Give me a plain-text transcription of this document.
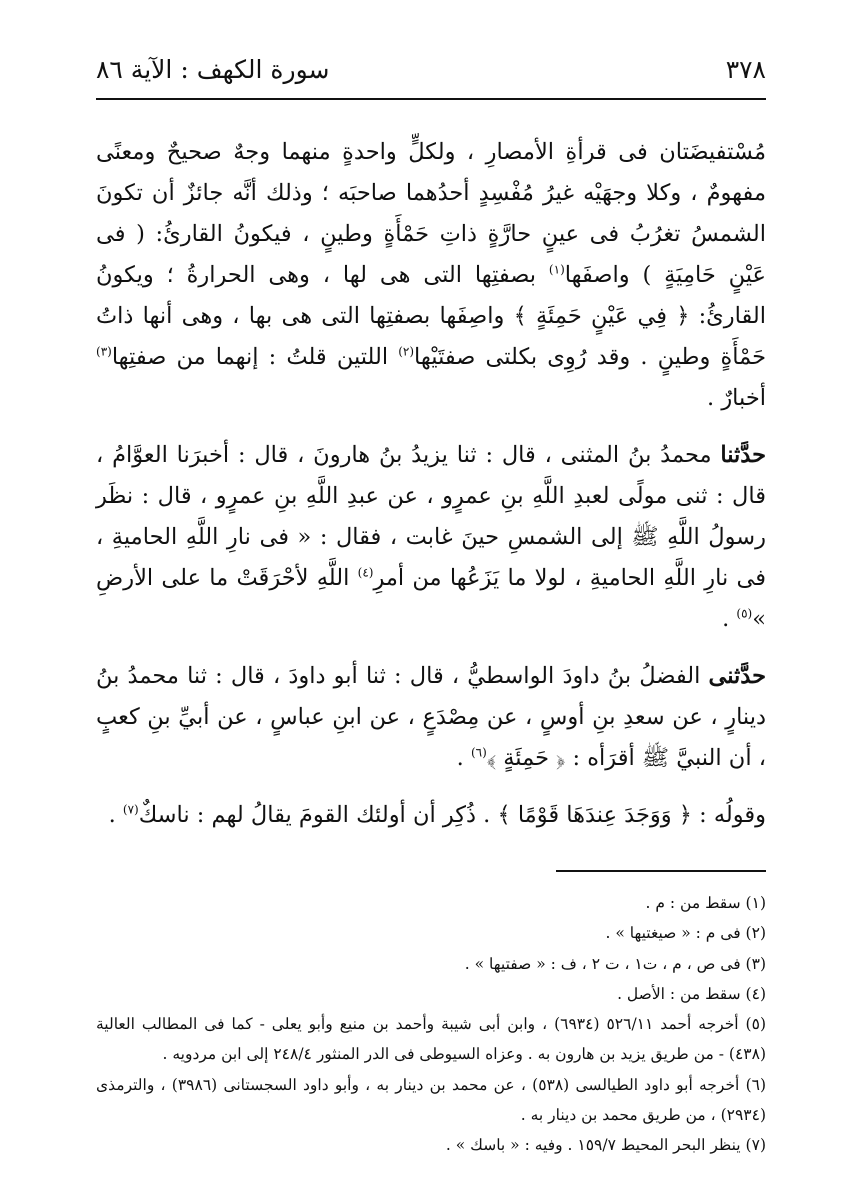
٣٧٨
سورة الكهف : الآية ٨٦

مُسْتفيضَتان فى قرأةِ الأمصارِ ، ولكلٍّ واحدةٍ منهما وجهٌ صحيحٌ ومعنًى مفهومٌ ، وكلا وجهَيْه غيرُ مُفْسِدٍ أحدُهما صاحبَه ؛ وذلك أنَّه جائزٌ أن تكونَ الشمسُ تغرُبُ فى عينٍ حارَّةٍ ذاتِ حَمْأَةٍ وطينٍ ، فيكونُ القارئُ: ( فى عَيْنٍ حَامِيَةٍ ) واصفَها$^{(١)}$ بصفتِها التى هى لها ، وهى الحرارةُ ؛ ويكونُ القارئُ: ﴿ فِي عَيْنٍ حَمِئَةٍ ﴾ واصِفَها بصفتِها التى هى بها ، وهى أنها ذاتُ حَمْأَةٍ وطينٍ . وقد رُوِى بكلتى صفتَيْها$^{(٢)}$ اللتين قلتُ : إنهما من صفتِها$^{(٣)}$ أخبارٌ .

حدَّثنا محمدُ بنُ المثنى ، قال : ثنا يزيدُ بنُ هارونَ ، قال : أخبرَنا العوَّامُ ، قال : ثنى مولًى لعبدِ اللَّهِ بنِ عمرٍو ، عن عبدِ اللَّهِ بنِ عمرٍو ، قال : نظَر رسولُ اللَّهِ ﷺ إلى الشمسِ حينَ غابت ، فقال : « فى نارِ اللَّهِ الحاميةِ ، فى نارِ اللَّهِ الحاميةِ ، لولا ما يَزَعُها من أمرِ$^{(٤)}$ اللَّهِ لأحْرَقَتْ ما على الأرضِ »$^{(٥)}$ .

حدَّثنى الفضلُ بنُ داودَ الواسطيُّ ، قال : ثنا أبو داودَ ، قال : ثنا محمدُ بنُ دينارٍ ، عن سعدِ بنِ أوسٍ ، عن مِصْدَعٍ ، عن ابنِ عباسٍ ، عن أبيِّ بنِ كعبٍ ، أن النبيَّ ﷺ أقرَأه : ﴿ حَمِئَةٍ ﴾$^{(٦)}$ .

وقولُه : ﴿ وَوَجَدَ عِندَهَا قَوْمًا ﴾ . ذُكِر أن أولئك القومَ يقالُ لهم : ناسكٌ$^{(٧)}$ .

(١) سقط من : م .

(٢) فى م : « صيغتيها » .

(٣) فى ص ، م ، ت١ ، ت ٢ ، ف : « صفتيها » .

(٤) سقط من : الأصل .

(٥) أخرجه أحمد ٥٢٦/١١ (٦٩٣٤) ، وابن أبى شيبة وأحمد بن منيع وأبو يعلى - كما فى المطالب العالية (٤٣٨) - من طريق يزيد بن هارون به . وعزاه السيوطى فى الدر المنثور ٢٤٨/٤ إلى ابن مردويه .

(٦) أخرجه أبو داود الطيالسى (٥٣٨) ، عن محمد بن دينار به ، وأبو داود السجستانى (٣٩٨٦) ، والترمذى (٢٩٣٤) ، من طريق محمد بن دينار به .

(٧) ينظر البحر المحيط ١٥٩/٧ . وفيه : « باسك » .
